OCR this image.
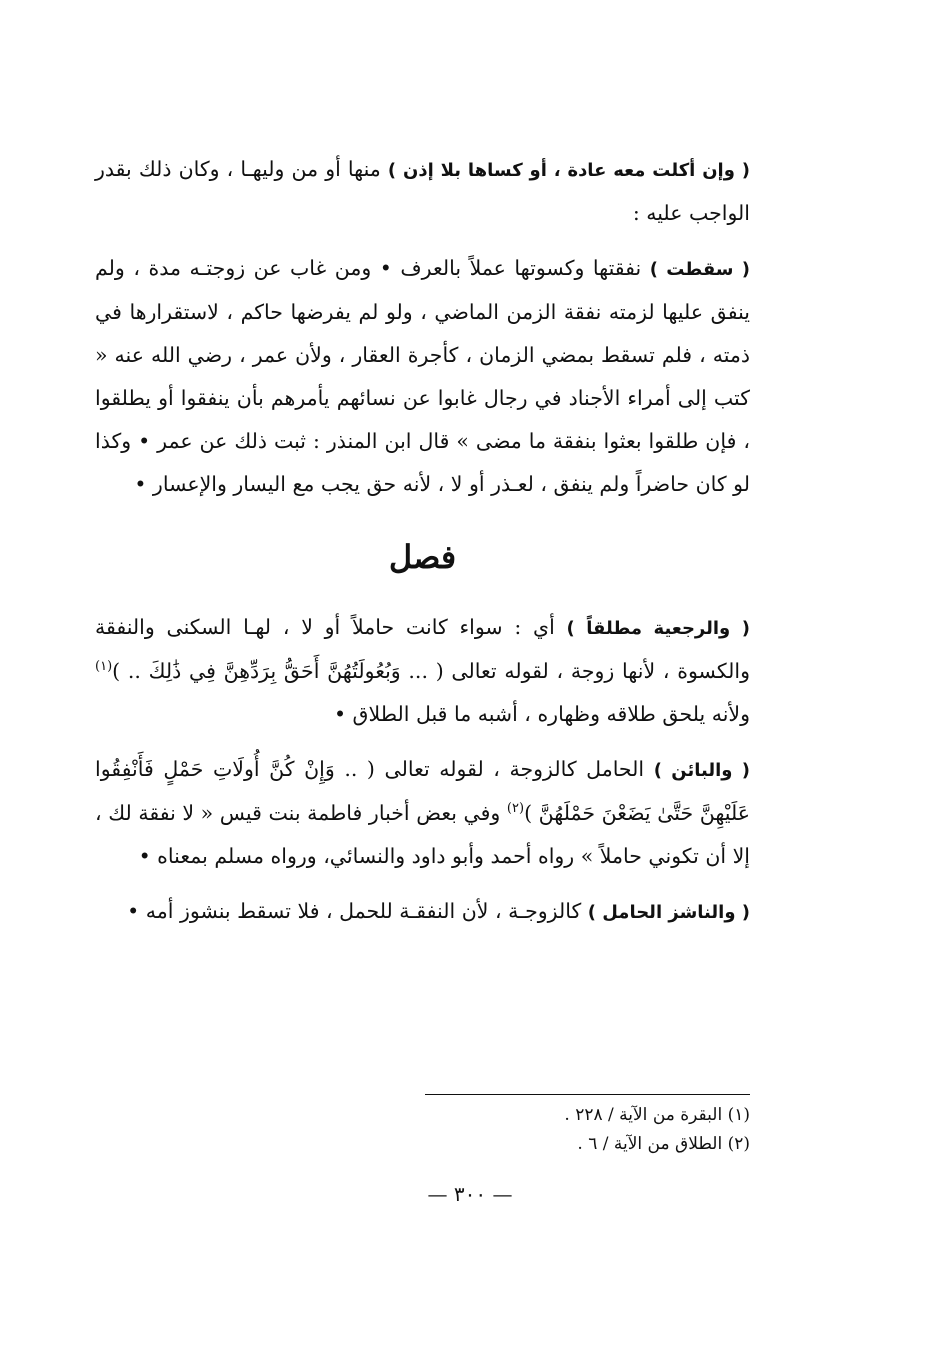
( وإن أكلت معه عادة ، أو كساها بلا إذن ) منها أو من وليهـا ، وكان ذلك بقدر الواجب عليه :

( سقطت ) نفقتها وكسوتها عملاً بالعرف • ومن غاب عن زوجتـه مدة ، ولم ينفق عليها لزمته نفقة الزمن الماضي ، ولو لم يفرضها حاكم ، لاستقرارها في ذمته ، فلم تسقط بمضي الزمان ، كأجرة العقار ، ولأن عمر ، رضي الله عنه « كتب إلى أمراء الأجناد في رجال غابوا عن نسائهم يأمرهم بأن ينفقوا أو يطلقوا ، فإن طلقوا بعثوا بنفقة ما مضى » قال ابن المنذر : ثبت ذلك عن عمر • وكذا لو كان حاضراً ولم ينفق ، لعـذر أو لا ، لأنه حق يجب مع اليسار والإعسار •

فصل

( والرجعية مطلقاً ) أي : سواء كانت حاملاً أو لا ، لهـا السكنى والنفقة والكسوة ، لأنها زوجة ، لقوله تعالى ( ... وَبُعُولَتُهُنَّ أَحَقُّ بِرَدِّهِنَّ فِي ذَٰلِكَ .. )$^{(١)}$ ولأنه يلحق طلاقه وظهاره ، أشبه ما قبل الطلاق •

( والبائن ) الحامل كالزوجة ، لقوله تعالى ( .. وَإِنْ كُنَّ أُولَاتِ حَمْلٍ فَأَنْفِقُوا عَلَيْهِنَّ حَتَّىٰ يَضَعْنَ حَمْلَهُنَّ )$^{(٢)}$ وفي بعض أخبار فاطمة بنت قيس « لا نفقة لك ، إلا أن تكوني حاملاً » رواه أحمد وأبو داود والنسائي، ورواه مسلم بمعناه •

( والناشز الحامل ) كالزوجـة ، لأن النفقـة للحمل ، فلا تسقط بنشوز أمه •

(١) البقرة من الآية / ٢٢٨ .
(٢) الطلاق من الآية / ٦ .
— ٣٠٠ —
